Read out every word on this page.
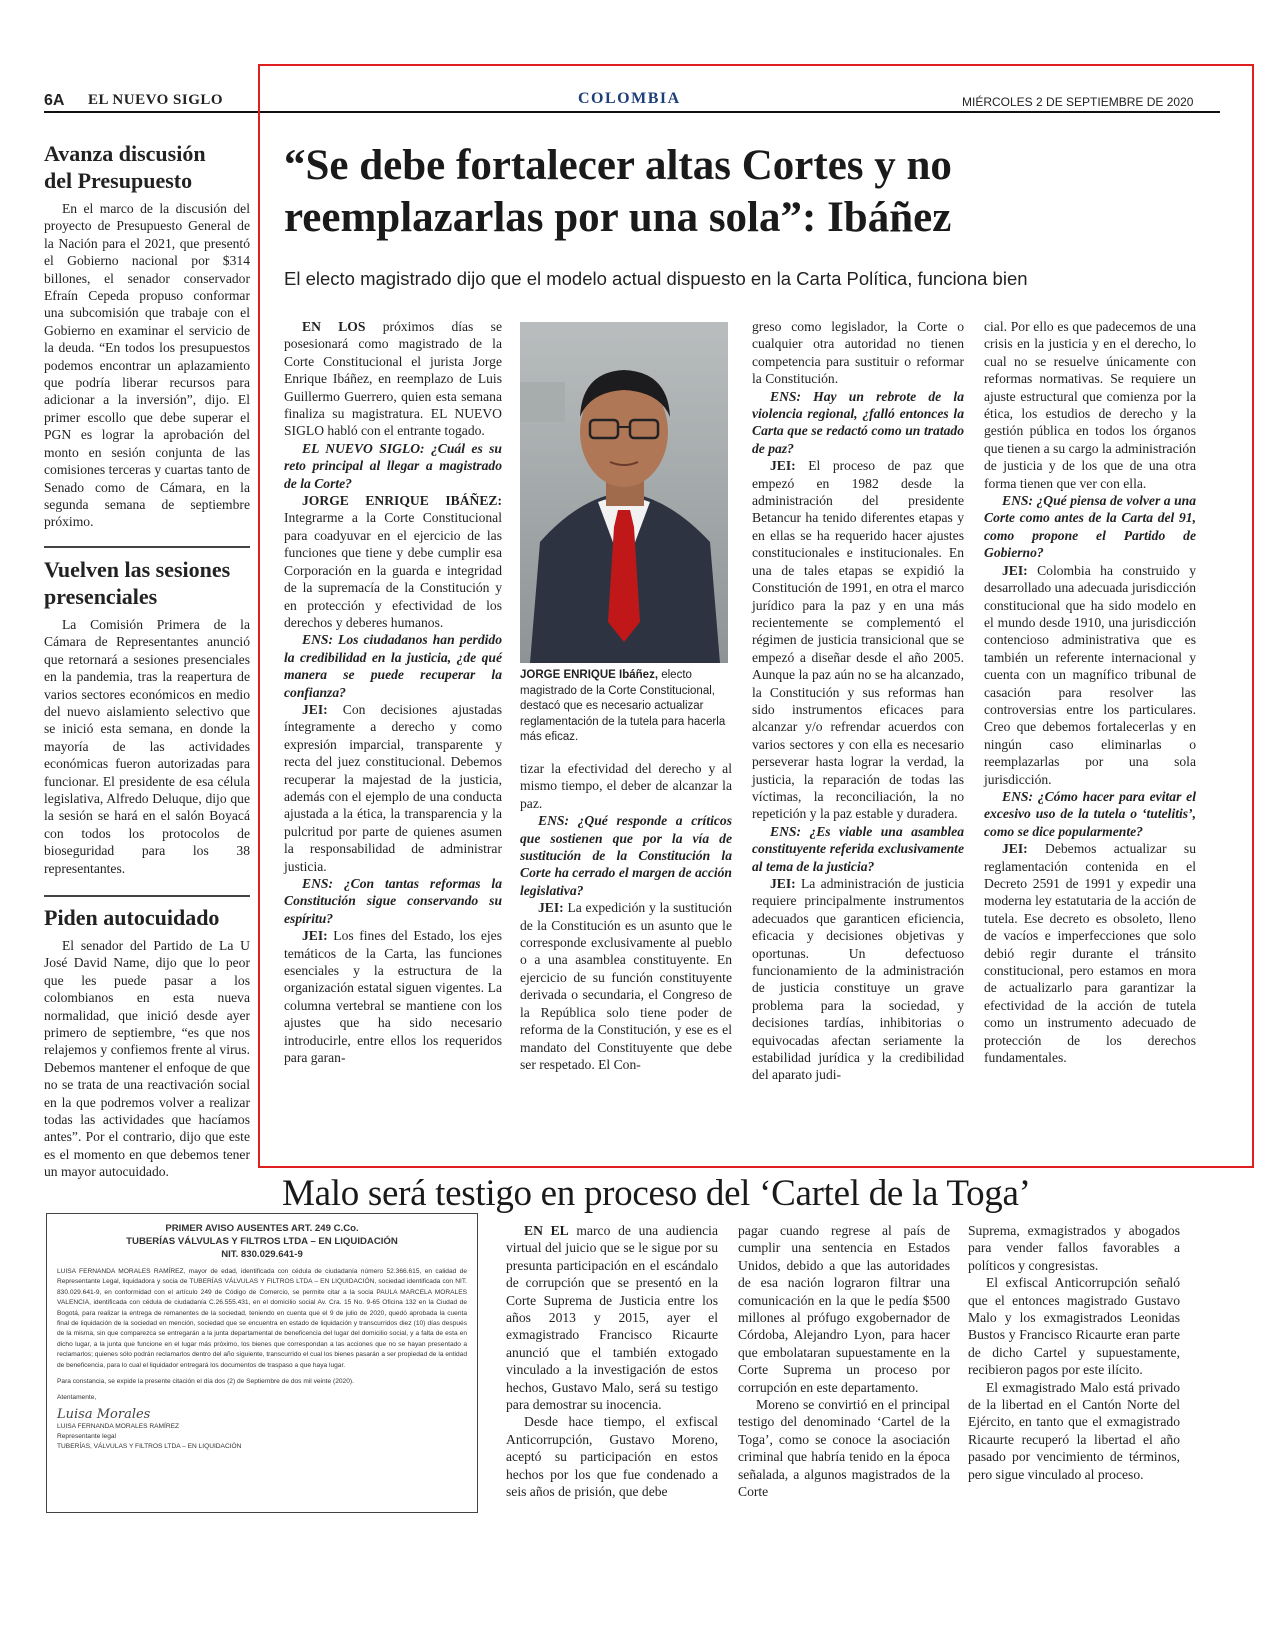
6A EL NUEVO SIGLO	COLOMBIA	MIÉRCOLES 2 DE SEPTIEMBRE DE 2020
Avanza discusión
del Presupuesto

En el marco de la discusión del proyecto de Presupuesto General de la Nación para el 2021, que presentó el Gobierno nacional por $314 billones, el senador conservador Efraín Cepeda propuso conformar una subcomisión que trabaje con el Gobierno en examinar el servicio de la deuda. “En todos los presupuestos podemos encontrar un aplazamiento que podría liberar recursos para adicionar a la inversión”, dijo. El primer escollo que debe superar el PGN es lograr la aprobación del monto en sesión conjunta de las comisiones terceras y cuartas tanto de Senado como de Cámara, en la segunda semana de septiembre próximo.

Vuelven las sesiones
presenciales

La Comisión Primera de la Cámara de Representantes anunció que retornará a sesiones presenciales en la pandemia, tras la reapertura de varios sectores económicos en medio del nuevo aislamiento selectivo que se inició esta semana, en donde la mayoría de las actividades económicas fueron autorizadas para funcionar. El presidente de esa célula legislativa, Alfredo Deluque, dijo que la sesión se hará en el salón Boyacá con todos los protocolos de bioseguridad para los 38 representantes.

Piden autocuidado

El senador del Partido de La U José David Name, dijo que lo peor que les puede pasar a los colombianos en esta nueva normalidad, que inició desde ayer primero de septiembre, “es que nos relajemos y confiemos frente al virus. Debemos mantener el enfoque de que no se trata de una reactivación social en la que podremos volver a realizar todas las actividades que hacíamos antes”. Por el contrario, dijo que este es el momento en que debemos tener un mayor autocuidado.

“Se debe fortalecer altas Cortes y no
reemplazarlas por una sola”: Ibáñez
El electo magistrado dijo que el modelo actual dispuesto en la Carta Política, funciona bien

EN LOS próximos días se posesionará como magistrado de la Corte Constitucional el jurista Jorge Enrique Ibáñez, en reemplazo de Luis Guillermo Guerrero, quien esta semana finaliza su magistratura. EL NUEVO SIGLO habló con el entrante togado.

EL NUEVO SIGLO: ¿Cuál es su reto principal al llegar a magistrado de la Corte?

JORGE ENRIQUE IBÁÑEZ: Integrarme a la Corte Constitucional para coadyuvar en el ejercicio de las funciones que tiene y debe cumplir esa Corporación en la guarda e integridad de la supremacía de la Constitución y en protección y efectividad de los derechos y deberes humanos.

ENS: Los ciudadanos han perdido la credibilidad en la justicia, ¿de qué manera se puede recuperar la confianza?

JEI: Con decisiones ajustadas íntegramente a derecho y como expresión imparcial, transparente y recta del juez constitucional. Debemos recuperar la majestad de la justicia, además con el ejemplo de una conducta ajustada a la ética, la transparencia y la pulcritud por parte de quienes asumen la responsabilidad de administrar justicia.

ENS: ¿Con tantas reformas la Constitución sigue conservando su espíritu?

JEI: Los fines del Estado, los ejes temáticos de la Carta, las funciones esenciales y la estructura de la organización estatal siguen vigentes. La columna vertebral se mantiene con los ajustes que ha sido necesario introducirle, entre ellos los requeridos para garan-

tizar la efectividad del derecho y al mismo tiempo, el deber de alcanzar la paz.

ENS: ¿Qué responde a críticos que sostienen que por la vía de sustitución de la Constitución la Corte ha cerrado el margen de acción legislativa?

JEI: La expedición y la sustitución de la Constitución es un asunto que le corresponde exclusivamente al pueblo o a una asamblea constituyente. En ejercicio de su función constituyente derivada o secundaria, el Congreso de la República solo tiene poder de reforma de la Constitución, y ese es el mandato del Constituyente que debe ser respetado. El Con-

greso como legislador, la Corte o cualquier otra autoridad no tienen competencia para sustituir o reformar la Constitución.

ENS: Hay un rebrote de la violencia regional, ¿falló entonces la Carta que se redactó como un tratado de paz?

JEI: El proceso de paz que empezó en 1982 desde la administración del presidente Betancur ha tenido diferentes etapas y en ellas se ha requerido hacer ajustes constitucionales e institucionales. En una de tales etapas se expidió la Constitución de 1991, en otra el marco jurídico para la paz y en una más recientemente se complementó el régimen de justicia transicional que se empezó a diseñar desde el año 2005. Aunque la paz aún no se ha alcanzado, la Constitución y sus reformas han sido instrumentos eficaces para alcanzar y/o refrendar acuerdos con varios sectores y con ella es necesario perseverar hasta lograr la verdad, la justicia, la reparación de todas las víctimas, la reconciliación, la no repetición y la paz estable y duradera.

ENS: ¿Es viable una asamblea constituyente referida exclusivamente al tema de la justicia?

JEI: La administración de justicia requiere principalmente instrumentos adecuados que garanticen eficiencia, eficacia y decisiones objetivas y oportunas. Un defectuoso funcionamiento de la administración de justicia constituye un grave problema para la sociedad, y decisiones tardías, inhibitorias o equivocadas afectan seriamente la estabilidad jurídica y la credibilidad del aparato judi-

cial. Por ello es que padecemos de una crisis en la justicia y en el derecho, lo cual no se resuelve únicamente con reformas normativas. Se requiere un ajuste estructural que comienza por la ética, los estudios de derecho y la gestión pública en todos los órganos que tienen a su cargo la administración de justicia y de los que de una otra forma tienen que ver con ella.

ENS: ¿Qué piensa de volver a una Corte como antes de la Carta del 91, como propone el Partido de Gobierno?

JEI: Colombia ha construido y desarrollado una adecuada jurisdicción constitucional que ha sido modelo en el mundo desde 1910, una jurisdicción contencioso administrativa que es también un referente internacional y cuenta con un magnífico tribunal de casación para resolver las controversias entre los particulares. Creo que debemos fortalecerlas y en ningún caso eliminarlas o reemplazarlas por una sola jurisdicción.

ENS: ¿Cómo hacer para evitar el excesivo uso de la tutela o ‘tutelitis’, como se dice popularmente?

JEI: Debemos actualizar su reglamentación contenida en el Decreto 2591 de 1991 y expedir una moderna ley estatutaria de la acción de tutela. Ese decreto es obsoleto, lleno de vacíos e imperfecciones que solo debió regir durante el tránsito constitucional, pero estamos en mora de actualizarlo para garantizar la efectividad de la acción de tutela como un instrumento adecuado de protección de los derechos fundamentales.

JORGE ENRIQUE Ibáñez, electo magistrado de la Corte Constitucional, destacó que es necesario actualizar reglamentación de la tutela para hacerla más eficaz.
Malo será testigo en proceso del ‘Cartel de la Toga’

EN EL marco de una audiencia virtual del juicio que se le sigue por su presunta participación en el escándalo de corrupción que se presentó en la Corte Suprema de Justicia entre los años 2013 y 2015, ayer el exmagistrado Francisco Ricaurte anunció que el también extogado vinculado a la investigación de estos hechos, Gustavo Malo, será su testigo para demostrar su inocencia.

Desde hace tiempo, el exfiscal Anticorrupción, Gustavo Moreno, aceptó su participación en estos hechos por los que fue condenado a seis años de prisión, que debe

pagar cuando regrese al país de cumplir una sentencia en Estados Unidos, debido a que las autoridades de esa nación lograron filtrar una comunicación en la que le pedía $500 millones al prófugo exgobernador de Córdoba, Alejandro Lyon, para hacer que embolataran supuestamente en la Corte Suprema un proceso por corrupción en este departamento.

Moreno se convirtió en el principal testigo del denominado ‘Cartel de la Toga’, como se conoce la asociación criminal que habría tenido en la época señalada, a algunos magistrados de la Corte

Suprema, exmagistrados y abogados para vender fallos favorables a políticos y congresistas.

El exfiscal Anticorrupción señaló que el entonces magistrado Gustavo Malo y los exmagistrados Leonidas Bustos y Francisco Ricaurte eran parte de dicho Cartel y supuestamente, recibieron pagos por este ilícito.

El exmagistrado Malo está privado de la libertad en el Cantón Norte del Ejército, en tanto que el exmagistrado Ricaurte recuperó la libertad el año pasado por vencimiento de términos, pero sigue vinculado al proceso.

PRIMER AVISO AUSENTES ART. 249 C.Co.
TUBERÍAS VÁLVULAS Y FILTROS LTDA – EN LIQUIDACIÓN
NIT. 830.029.641-9
LUISA FERNANDA MORALES RAMÍREZ, mayor de edad, identificada con cédula de ciudadanía número 52.366.615, en calidad de Representante Legal, liquidadora y socia de TUBERÍAS VÁLVULAS Y FILTROS LTDA – EN LIQUIDACIÓN, sociedad identificada con NIT. 830.029.641-9, en conformidad con el artículo 249 de Código de Comercio, se permite citar a la socia PAULA MARCELA MORALES VALENCIA, identificada con cédula de ciudadanía C.26.555.431, en el domicilio social Av. Cra. 15 No. 9-65 Oficina 132 en la Ciudad de Bogotá, para realizar la entrega de remanentes de la sociedad, teniendo en cuenta que el 9 de julio de 2020, quedó aprobada la cuenta final de liquidación de la sociedad en mención, sociedad que se encuentra en estado de liquidación y transcurridos diez (10) días después de la misma, sin que comparezca se entregarán a la junta departamental de beneficencia del lugar del domicilio social, y a falta de esta en dicho lugar, a la junta que funcione en el lugar más próximo, los bienes que correspondan a las acciones que no se hayan presentado a reclamarlos; quienes sólo podrán reclamarlos dentro del año siguiente, transcurrido el cual los bienes pasarán a ser propiedad de la entidad de beneficencia, para lo cual el liquidador entregará los documentos de traspaso a que haya lugar.
Para constancia, se expide la presente citación el día dos (2) de Septiembre de dos mil veinte (2020).
Atentamente,
Luisa Morales
LUISA FERNANDA MORALES RAMÍREZ
Representante legal
TUBERÍAS, VÁLVULAS Y FILTROS LTDA – EN LIQUIDACIÓN
